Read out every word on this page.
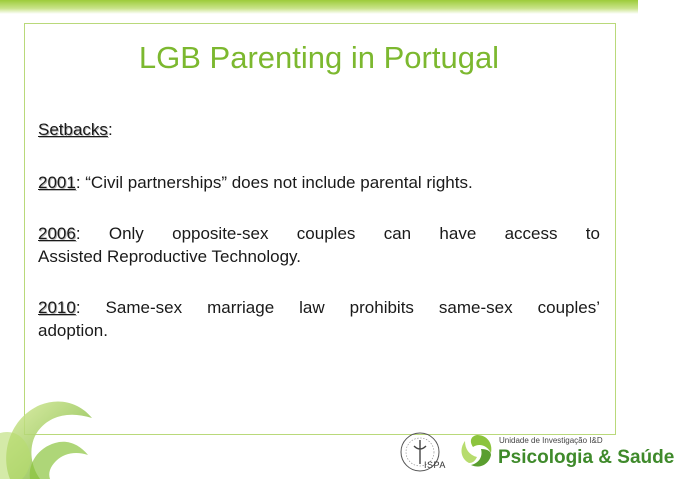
LGB Parenting in Portugal

Setbacks:

2001: “Civil partnerships” does not include parental rights.

2006: Only opposite-sex couples can have access to
Assisted Reproductive Technology.

2010: Same-sex marriage law prohibits same-sex couples’
adoption.

ISPA
Unidade de Investigação I&D
Psicologia & Saúde
